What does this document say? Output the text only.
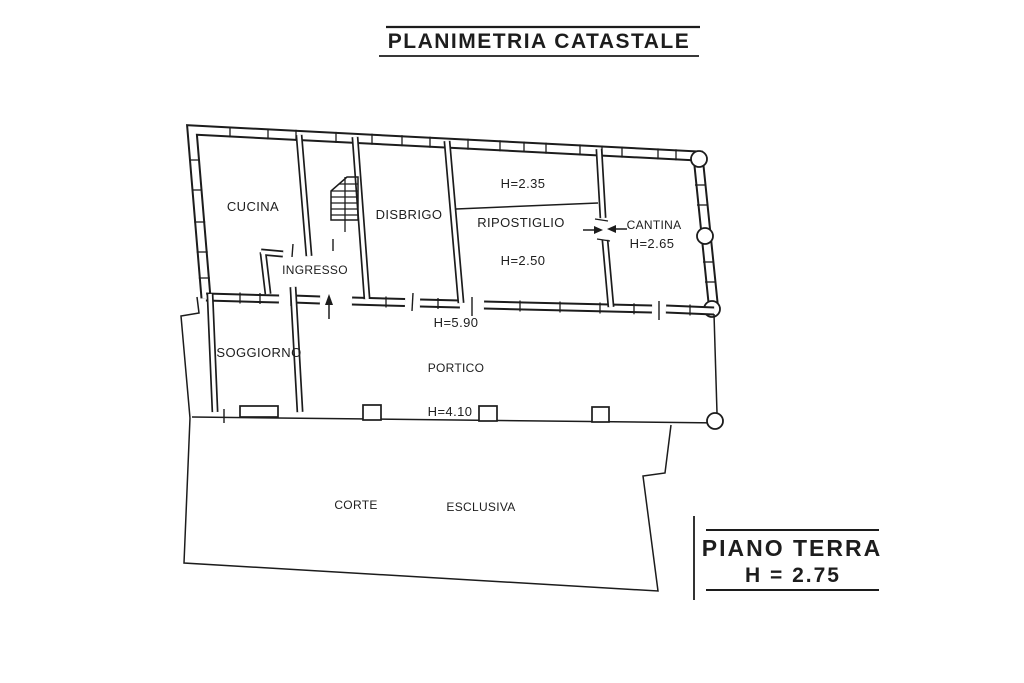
PLANIMETRIA CATASTALE
CUCINA
INGRESSO
DISBRIGO
H=2.35
RIPOSTIGLIO
H=2.50
CANTINA
H=2.65
SOGGIORNO
H=5.90
PORTICO
H=4.10
CORTE	ESCLUSIVA
PIANO TERRA
H = 2.75
